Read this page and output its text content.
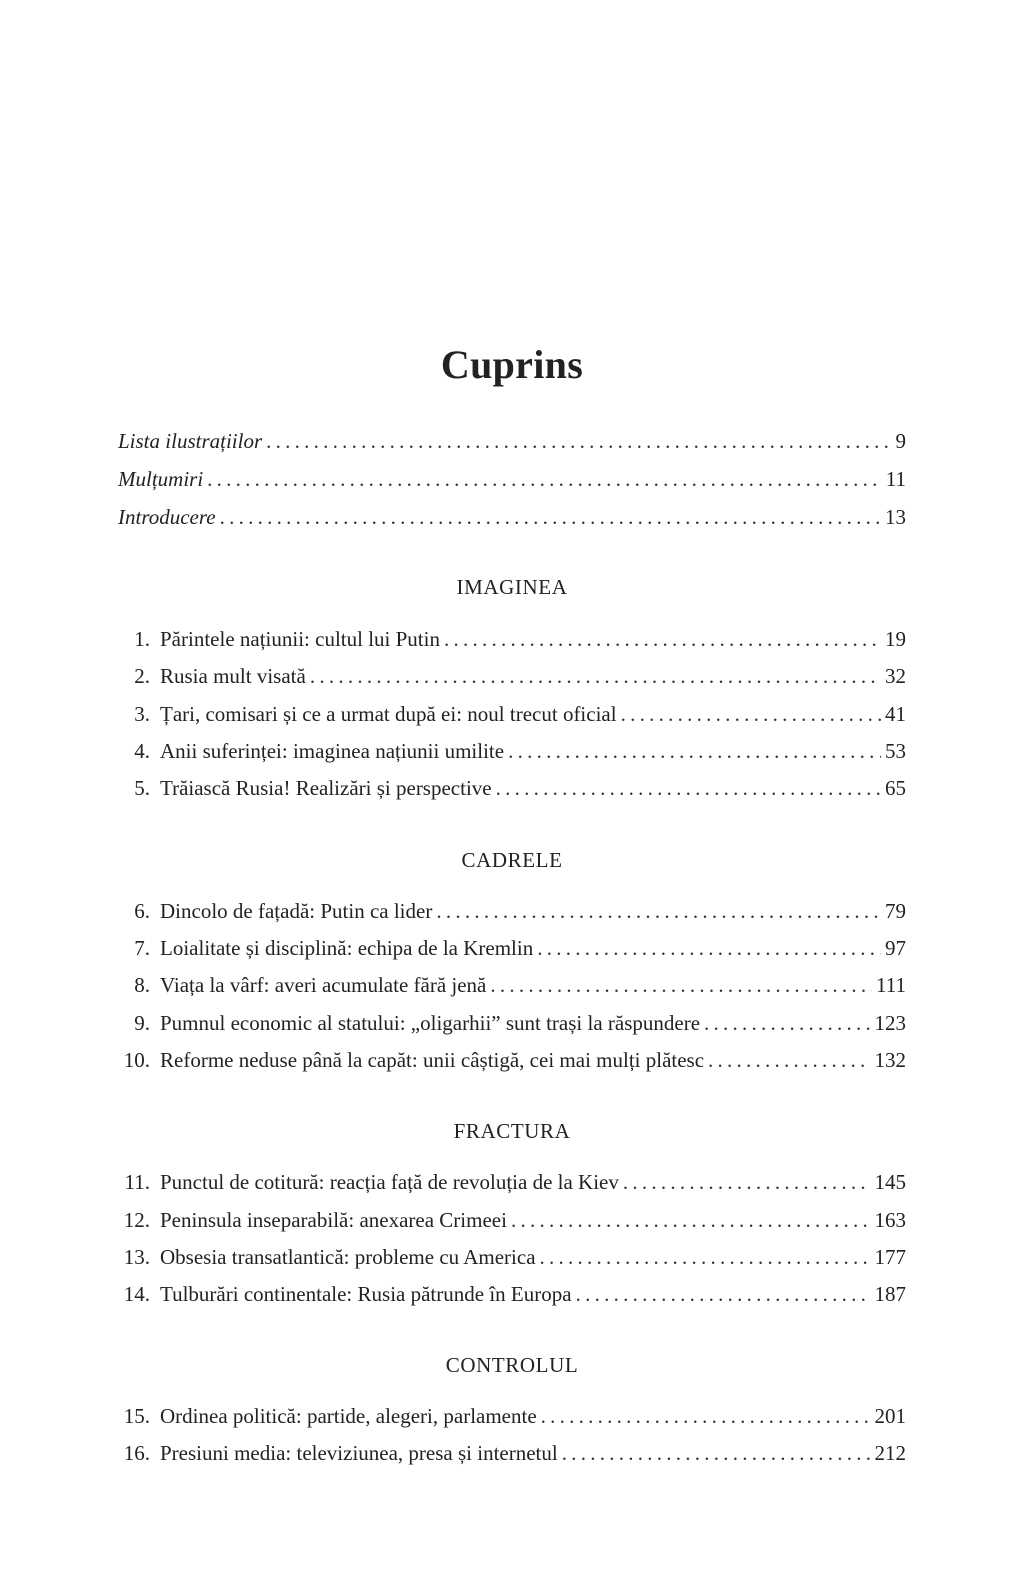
Cuprins
Lista ilustrațiilor . . .	9
Mulțumiri . . .	11
Introducere . . .	13
IMAGINEA
1. Părintele națiunii: cultul lui Putin . . .	19
2. Rusia mult visată . . .	32
3. Țari, comisari și ce a urmat după ei: noul trecut oficial . . .	41
4. Anii suferinței: imaginea națiunii umilite . . .	53
5. Trăiască Rusia! Realizări și perspective . . .	65
CADRELE
6. Dincolo de fațadă: Putin ca lider . . .	79
7. Loialitate și disciplină: echipa de la Kremlin . . .	97
8. Viața la vârf: averi acumulate fără jenă . . .	111
9. Pumnul economic al statului: „oligarhii” sunt trași la răspundere . . .	123
10. Reforme neduse până la capăt: unii câștigă, cei mai mulți plătesc . . .	132
FRACTURA
11. Punctul de cotitură: reacția față de revoluția de la Kiev . . .	145
12. Peninsula inseparabilă: anexarea Crimeei . . .	163
13. Obsesia transatlantică: probleme cu America . . .	177
14. Tulburări continentale: Rusia pătrunde în Europa . . .	187
CONTROLUL
15. Ordinea politică: partide, alegeri, parlamente . . .	201
16. Presiuni media: televiziunea, presa și internetul . . .	212
